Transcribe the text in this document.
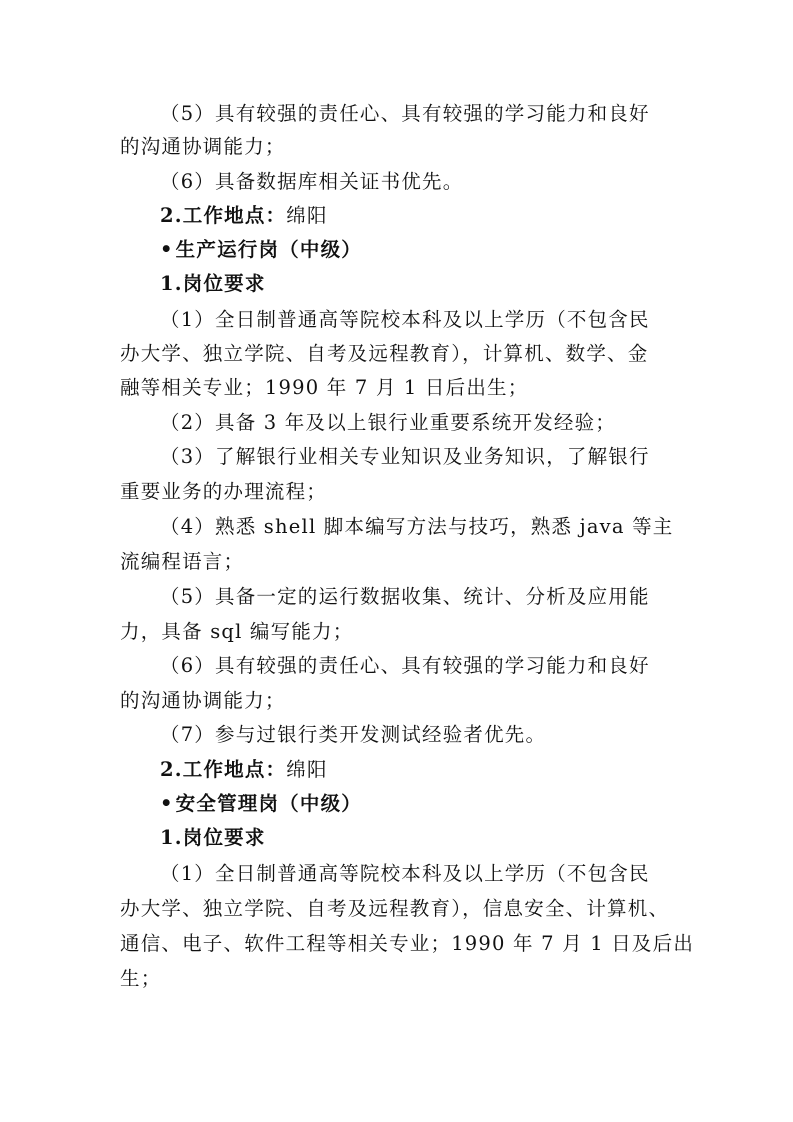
（5）具有较强的责任心、具有较强的学习能力和良好
的沟通协调能力；
（6）具备数据库相关证书优先。
2.工作地点：绵阳
• 生产运行岗（中级）
1.岗位要求
（1）全日制普通高等院校本科及以上学历（不包含民
办大学、独立学院、自考及远程教育），计算机、数学、金
融等相关专业；1990 年 7 月 1 日后出生；
（2）具备 3 年及以上银行业重要系统开发经验；
（3）了解银行业相关专业知识及业务知识，了解银行
重要业务的办理流程；
（4）熟悉 shell 脚本编写方法与技巧，熟悉 java 等主
流编程语言；
（5）具备一定的运行数据收集、统计、分析及应用能
力，具备 sql 编写能力；
（6）具有较强的责任心、具有较强的学习能力和良好
的沟通协调能力；
（7）参与过银行类开发测试经验者优先。
2.工作地点：绵阳
• 安全管理岗（中级）
1.岗位要求
（1）全日制普通高等院校本科及以上学历（不包含民
办大学、独立学院、自考及远程教育），信息安全、计算机、
通信、电子、软件工程等相关专业；1990 年 7 月 1 日及后出
生；
